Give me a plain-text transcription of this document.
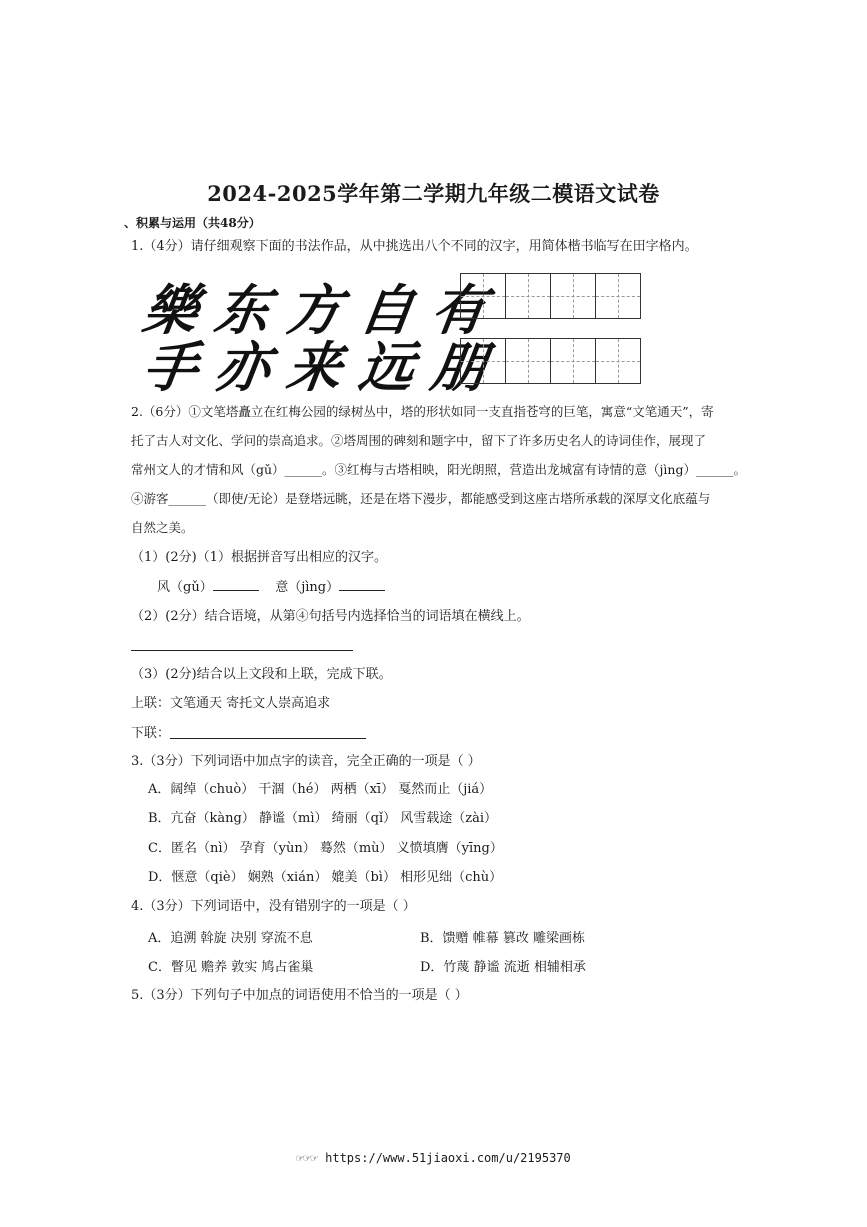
2024-2025学年第二学期九年级二模语文试卷
、积累与运用（共48分）
1.（4分）请仔细观察下面的书法作品，从中挑选出八个不同的汉字，用简体楷书临写在田字格内。
樂 东 方 自 有
手 亦 来 远 朋
2.（6分）①文笔塔矗立在红梅公园的绿树丛中，塔的形状如同一支直指苍穹的巨笔，寓意“文笔通天”，寄
托了古人对文化、学问的崇高追求。②塔周围的碑刻和题字中，留下了许多历史名人的诗词佳作，展现了
常州文人的才情和风（gǔ）______。③红梅与古塔相映，阳光朗照，营造出龙城富有诗情的意（jìng）______。
④游客______（即使/无论）是登塔远眺，还是在塔下漫步，都能感受到这座古塔所承载的深厚文化底蕴与
自然之美。
（1）(2分)（1）根据拼音写出相应的汉字。
风（gǔ）	意（jìng）
（2）(2分）结合语境，从第④句括号内选择恰当的词语填在横线上。
（3）(2分)结合以上文段和上联，完成下联。
上联：文笔通天 寄托文人崇高追求
下联：
3.（3分）下列词语中加点字的读音，完全正确的一项是（ ）
A．阔绰（chuò） 干涸（hé） 两栖（xī） 戛然而止（jiá）
B．亢奋（kàng） 静谧（mì） 绮丽（qǐ） 风雪载途（zài）
C．匿名（nì） 孕育（yùn） 蓦然（mù） 义愤填膺（yīng）
D．惬意（qiè） 娴熟（xián） 媲美（bì） 相形见绌（chù）
4.（3分）下列词语中，没有错别字的一项是（ ）
A．追溯 斡旋 决别 穿流不息	B．馈赠 帷幕 篡改 雕梁画栋
C．瞥见 赡养 敦实 鸠占雀巢	D．竹蔑 静谧 流逝 相辅相承
5.（3分）下列句子中加点的词语使用不恰当的一项是（ ）
☞☞☞ https://www.51jiaoxi.com/u/2195370
